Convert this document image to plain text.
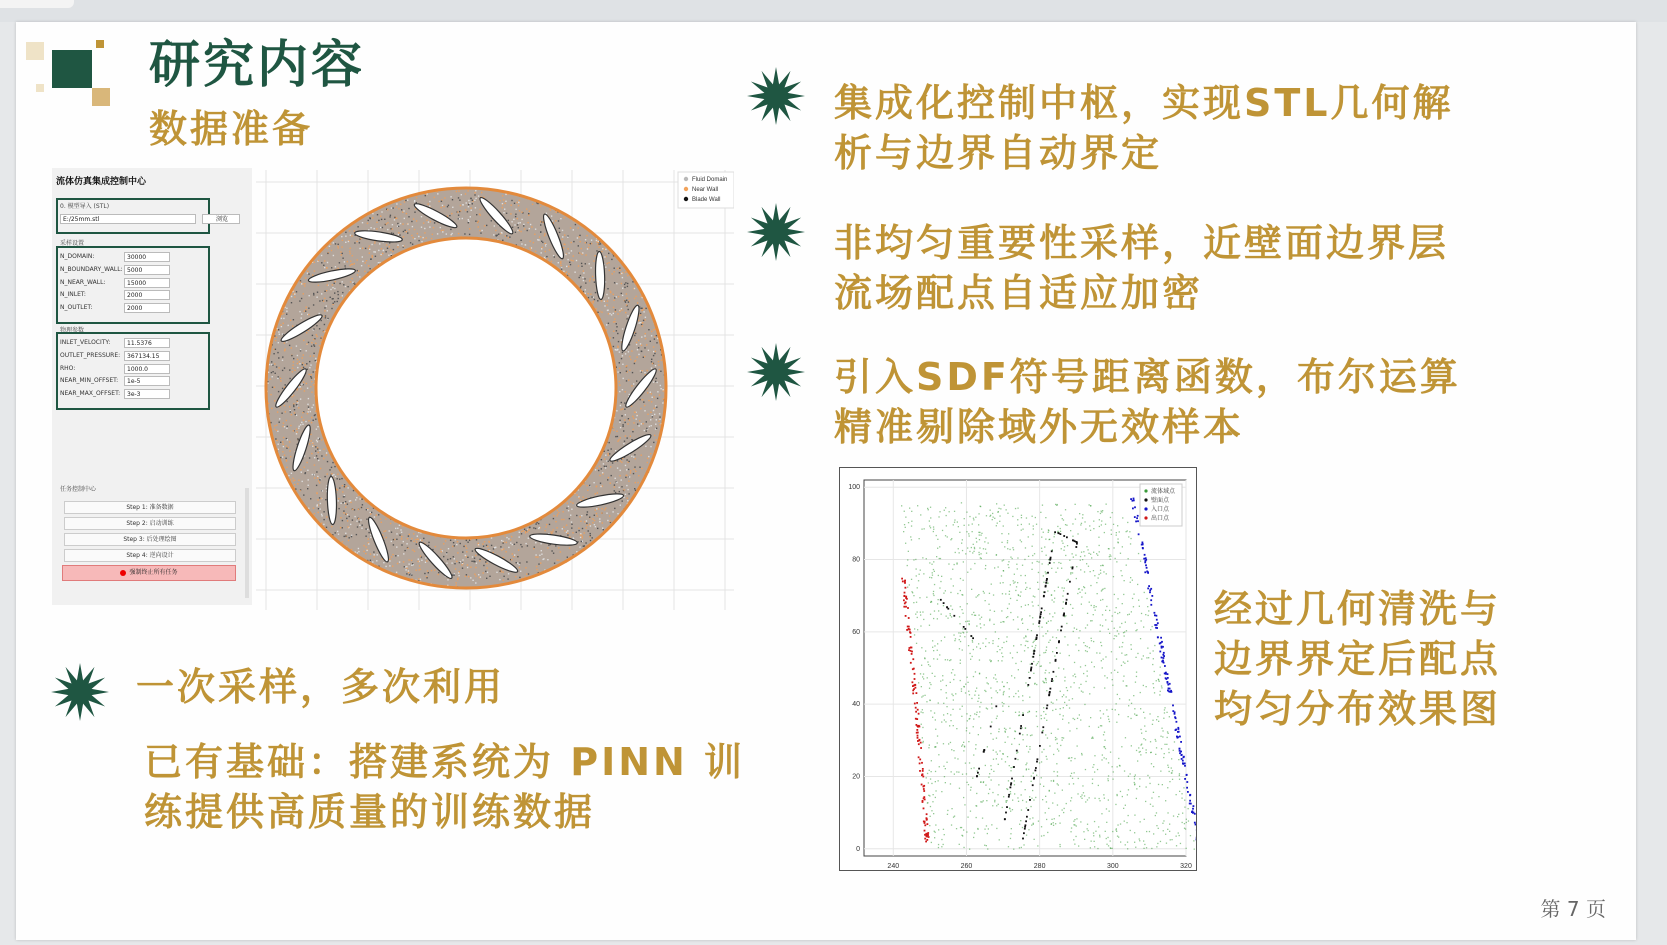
研究内容
数据准备
流体仿真集成控制中心
0. 模型导入 (STL)
E:/25mm.stl	浏览
采样设置
N_DOMAIN:	30000
N_BOUNDARY_WALL: 5000
N_NEAR_WALL:	15000
N_INLET:	2000
N_OUTLET:	2000
物理参数
INLET_VELOCITY:	11.5376
OUTLET_PRESSURE:	367134.15
RHO:	1000.0
NEAR_MIN_OFFSET:	1e-5
NEAR_MAX_OFFSET:	3e-3
任务控制中心
Step 1: 准备数据
Step 2: 启动训练
Step 3: 后处理绘图
Step 4: 逆向设计
强制终止所有任务
Fluid Domain
Near Wall
Blade Wall
集成化控制中枢，实现STL几何解
析与边界自动界定
非均匀重要性采样，近壁面边界层
流场配点自适应加密
引入SDF符号距离函数，布尔运算
精准剔除域外无效样本
一次采样，多次利用
已有基础：搭建系统为 PINN 训
练提供高质量的训练数据
240	260	280	300	320
0
20
40
60
80
100
流体域点
壁面点
入口点
出口点
经过几何清洗与
边界界定后配点
均匀分布效果图
第 7 页
